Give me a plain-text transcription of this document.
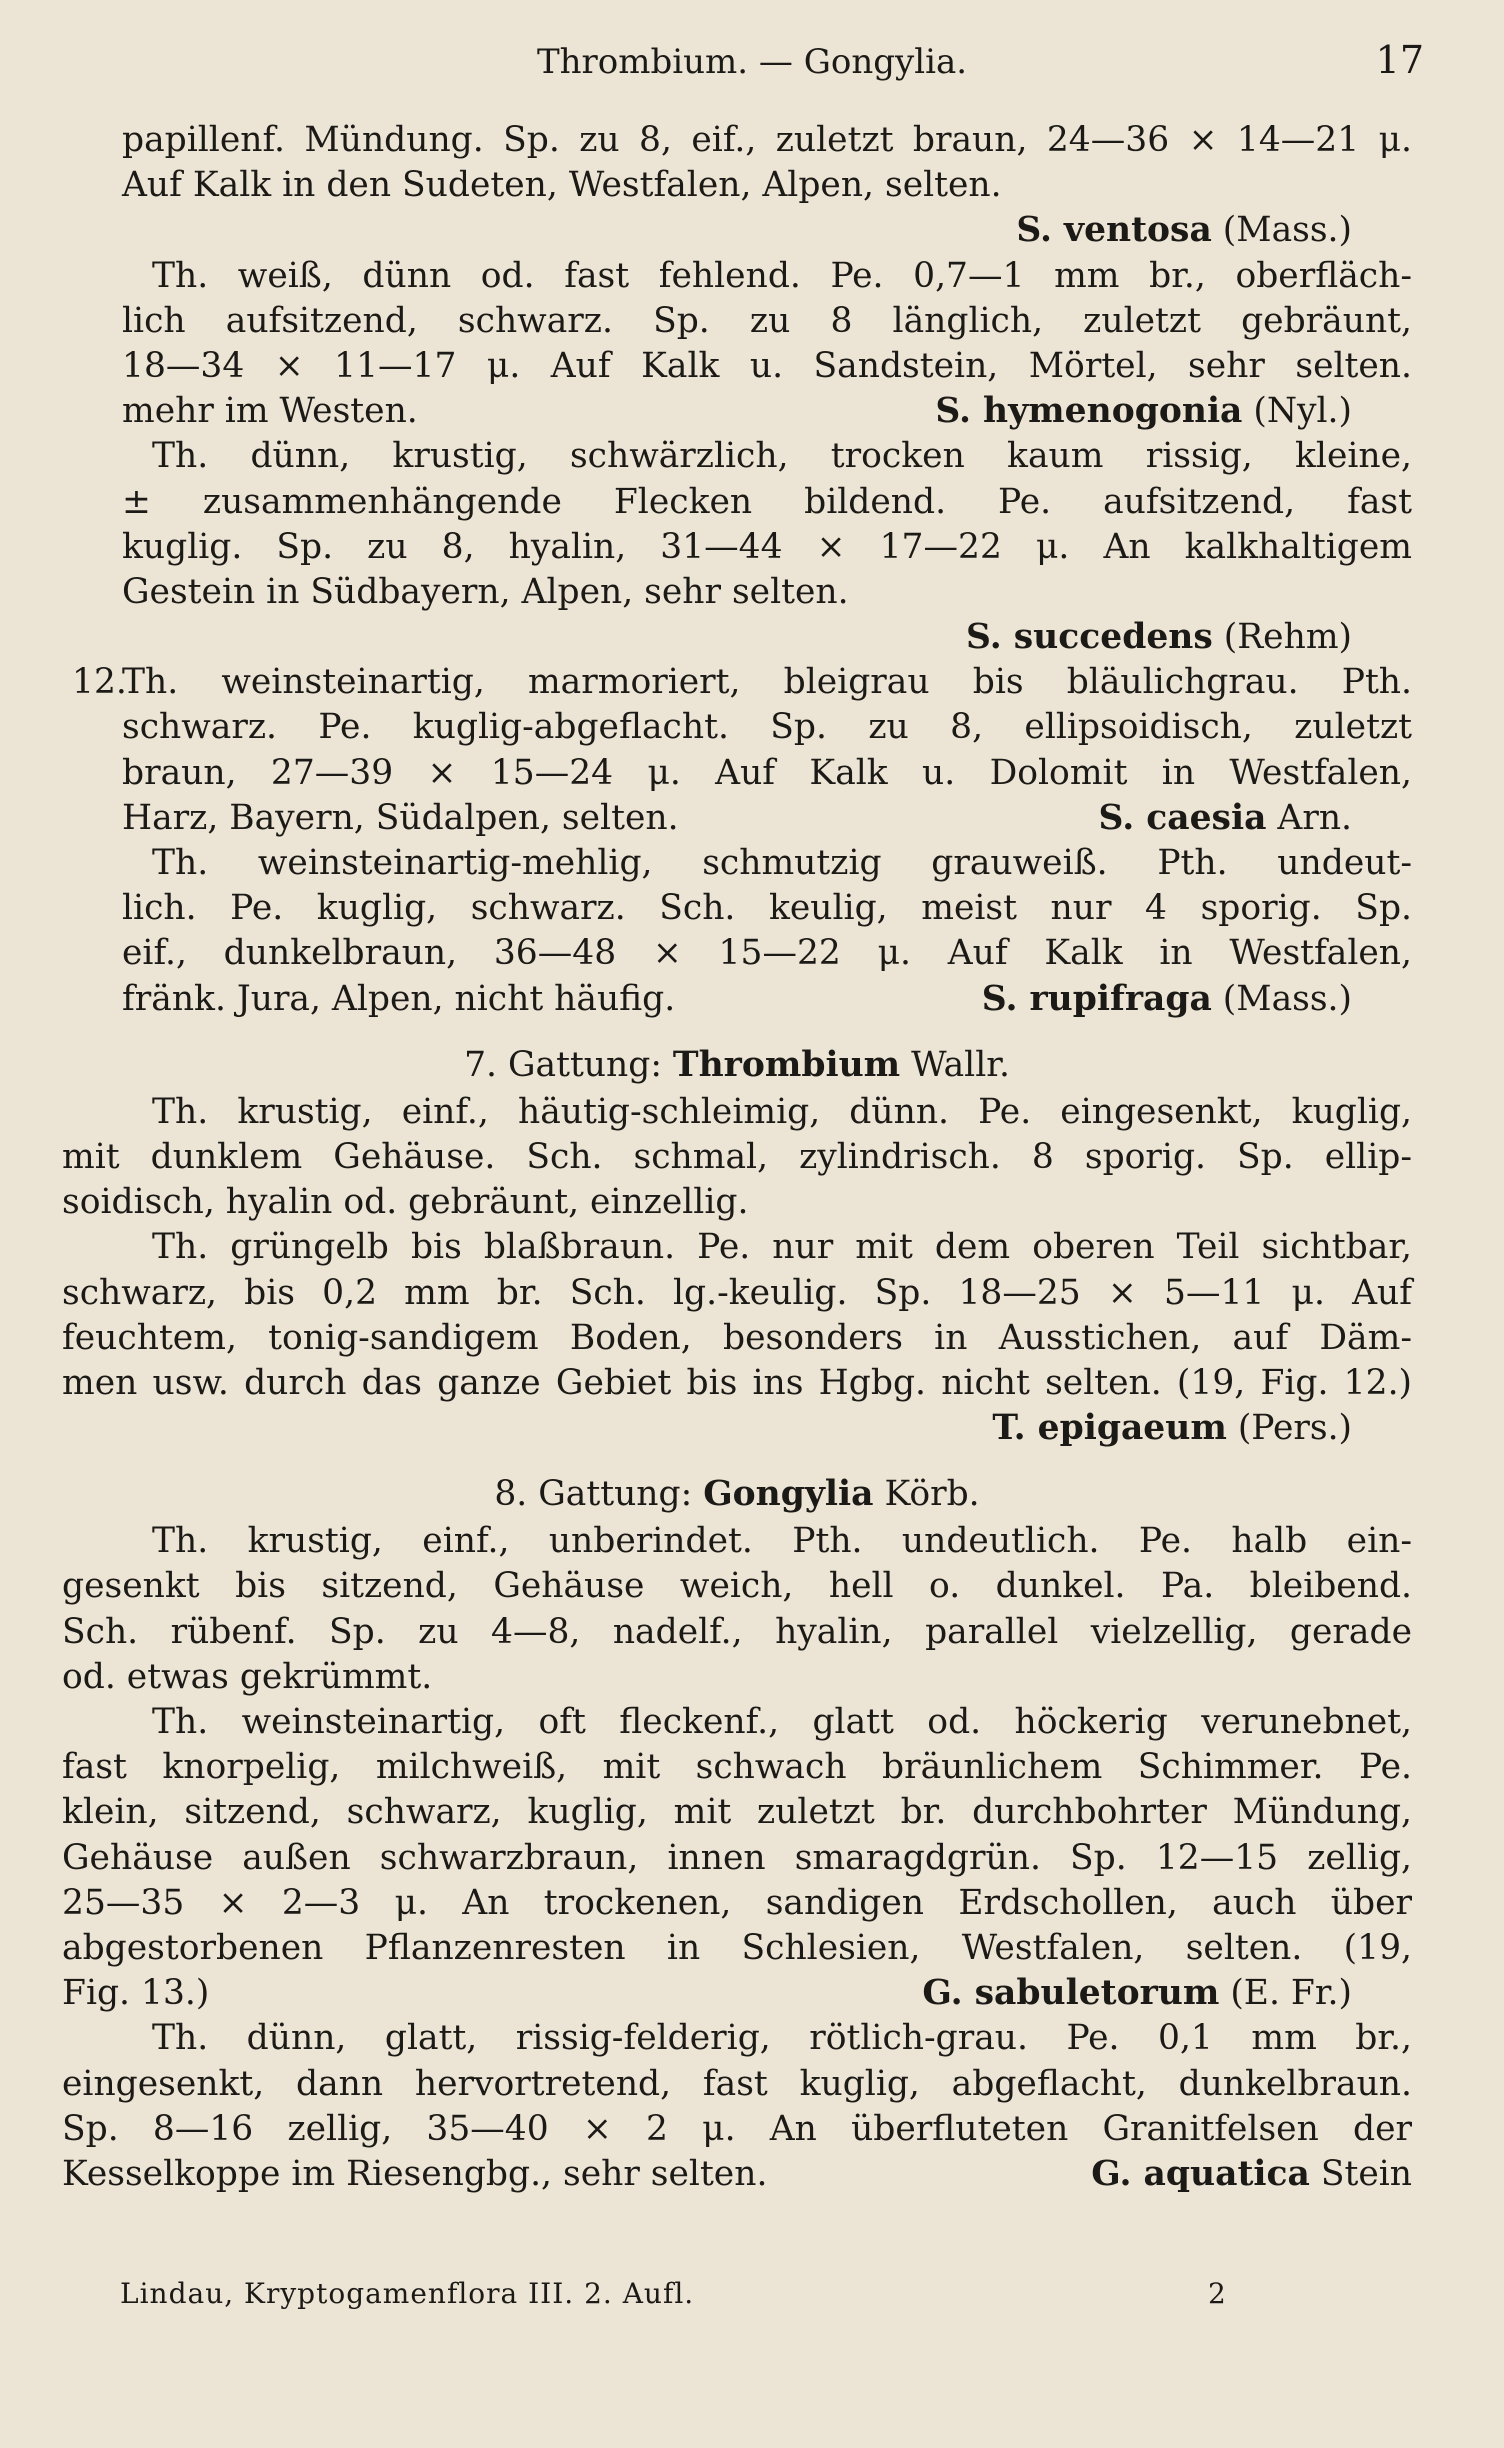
Thrombium. — Gongylia.	17
papillenf. Mündung. Sp. zu 8, eif., zuletzt braun, 24—36 × 14—21 μ.
Auf Kalk in den Sudeten, Westfalen, Alpen, selten.
S. ventosa (Mass.)
Th. weiß, dünn od. fast fehlend. Pe. 0,7—1 mm br., oberfläch-
lich aufsitzend, schwarz. Sp. zu 8 länglich, zuletzt gebräunt,
18—34 × 11—17 μ. Auf Kalk u. Sandstein, Mörtel, sehr selten.
mehr im Westen.	S. hymenogonia (Nyl.)
Th. dünn, krustig, schwärzlich, trocken kaum rissig, kleine,
± zusammenhängende Flecken bildend. Pe. aufsitzend, fast
kuglig. Sp. zu 8, hyalin, 31—44 × 17—22 μ. An kalkhaltigem
Gestein in Südbayern, Alpen, sehr selten.
S. succedens (Rehm)
12.
Th. weinsteinartig, marmoriert, bleigrau bis bläulichgrau. Pth.
schwarz. Pe. kuglig-abgeflacht. Sp. zu 8, ellipsoidisch, zuletzt
braun, 27—39 × 15—24 μ. Auf Kalk u. Dolomit in Westfalen,
Harz, Bayern, Südalpen, selten.	S. caesia Arn.
Th. weinsteinartig-mehlig, schmutzig grauweiß. Pth. undeut-
lich. Pe. kuglig, schwarz. Sch. keulig, meist nur 4 sporig. Sp.
eif., dunkelbraun, 36—48 × 15—22 μ. Auf Kalk in Westfalen,
fränk. Jura, Alpen, nicht häufig.	S. rupifraga (Mass.)
7. Gattung: Thrombium Wallr.
Th. krustig, einf., häutig-schleimig, dünn. Pe. eingesenkt, kuglig,
mit dunklem Gehäuse. Sch. schmal, zylindrisch. 8 sporig. Sp. ellip-
soidisch, hyalin od. gebräunt, einzellig.
Th. grüngelb bis blaßbraun. Pe. nur mit dem oberen Teil sichtbar,
schwarz, bis 0,2 mm br. Sch. lg.-keulig. Sp. 18—25 × 5—11 μ. Auf
feuchtem, tonig-sandigem Boden, besonders in Ausstichen, auf Däm-
men usw. durch das ganze Gebiet bis ins Hgbg. nicht selten. (19, Fig. 12.)
T. epigaeum (Pers.)
8. Gattung: Gongylia Körb.
Th. krustig, einf., unberindet. Pth. undeutlich. Pe. halb ein-
gesenkt bis sitzend, Gehäuse weich, hell o. dunkel. Pa. bleibend.
Sch. rübenf. Sp. zu 4—8, nadelf., hyalin, parallel vielzellig, gerade
od. etwas gekrümmt.
Th. weinsteinartig, oft fleckenf., glatt od. höckerig verunebnet,
fast knorpelig, milchweiß, mit schwach bräunlichem Schimmer. Pe.
klein, sitzend, schwarz, kuglig, mit zuletzt br. durchbohrter Mündung,
Gehäuse außen schwarzbraun, innen smaragdgrün. Sp. 12—15 zellig,
25—35 × 2—3 μ. An trockenen, sandigen Erdschollen, auch über
abgestorbenen Pflanzenresten in Schlesien, Westfalen, selten. (19,
Fig. 13.)	G. sabuletorum (E. Fr.)
Th. dünn, glatt, rissig-felderig, rötlich-grau. Pe. 0,1 mm br.,
eingesenkt, dann hervortretend, fast kuglig, abgeflacht, dunkelbraun.
Sp. 8—16 zellig, 35—40 × 2 μ. An überfluteten Granitfelsen der
Kesselkoppe im Riesengbg., sehr selten.	G. aquatica Stein
Lindau, Kryptogamenflora III. 2. Aufl.	2
